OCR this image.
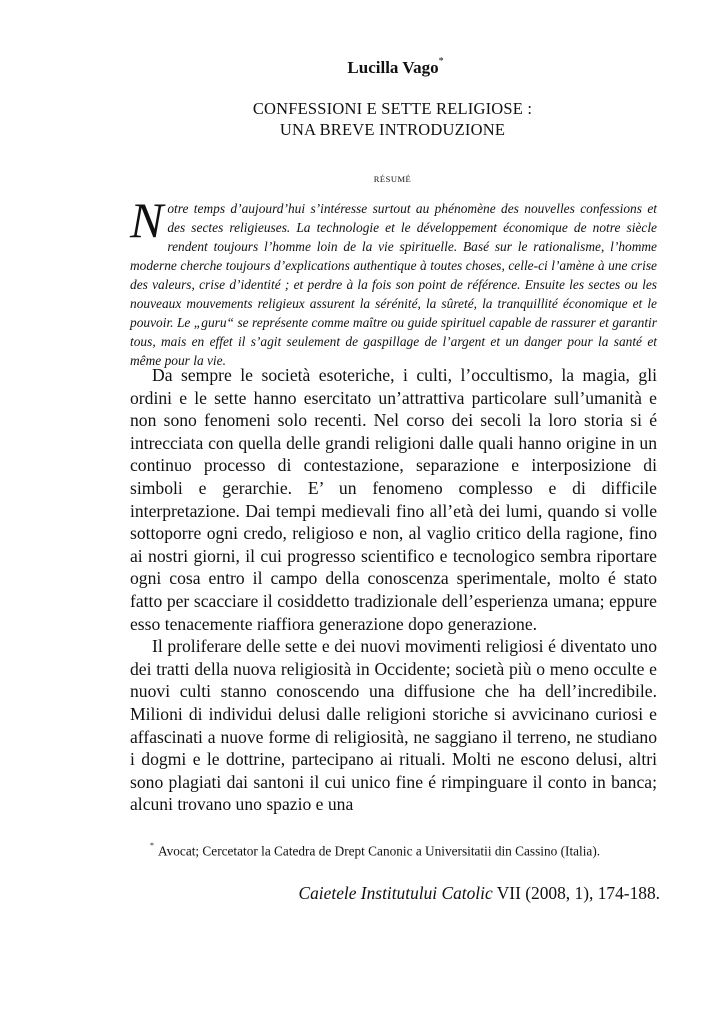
Lucilla Vago*
CONFESSIONI E SETTE RELIGIOSE :
UNA BREVE INTRODUZIONE
RÉSUMÉ
Notre temps d’aujourd’hui s’intéresse surtout au phénomène des nouvelles confessions et des sectes religieuses. La technologie et le développement économique de notre siècle rendent toujours l’homme loin de la vie spirituelle. Basé sur le rationalisme, l’homme moderne cherche toujours d’explications authentique à toutes choses, celle-ci l’amène à une crise des valeurs, crise d’identité ; et perdre à la fois son point de référence. Ensuite les sectes ou les nouveaux mouvements religieux assurent la sérénité, la sûreté, la tranquillité économique et le pouvoir. Le „guru“ se représente comme maître ou guide spirituel capable de rassurer et garantir tous, mais en effet il s’agit seulement de gaspillage de l’argent et un danger pour la santé et même pour la vie.

Da sempre le società esoteriche, i culti, l’occultismo, la magia, gli ordini e le sette hanno esercitato un’attrattiva particolare sull’umanità e non sono fenomeni solo recenti. Nel corso dei secoli la loro storia si é intrecciata con quella delle grandi religioni dalle quali hanno origine in un continuo processo di contestazione, separazione e interposizione di simboli e gerarchie. E’ un fenomeno complesso e di difficile interpretazione. Dai tempi medievali fino all’età dei lumi, quando si volle sottoporre ogni credo, religioso e non, al vaglio critico della ragione, fino ai nostri giorni, il cui progresso scientifico e tecnologico sembra riportare ogni cosa entro il campo della conoscenza sperimentale, molto é stato fatto per scacciare il cosiddetto tradizionale dell’esperienza umana; eppure esso tenacemente riaffiora generazione dopo generazione.

Il proliferare delle sette e dei nuovi movimenti religiosi é diventato uno dei tratti della nuova religiosità in Occidente; società più o meno occulte e nuovi culti stanno conoscendo una diffusione che ha dell’incredibile. Milioni di individui delusi dalle religioni storiche si avvicinano curiosi e affascinati a nuove forme di religiosità, ne saggiano il terreno, ne studiano i dogmi e le dottrine, partecipano ai rituali. Molti ne escono delusi, altri sono plagiati dai santoni il cui unico fine é rimpinguare il conto in banca; alcuni trovano uno spazio e una

* Avocat; Cercetator la Catedra de Drept Canonic a Universitatii din Cassino (Italia).
Caietele Institutului Catolic VII (2008, 1), 174-188.
